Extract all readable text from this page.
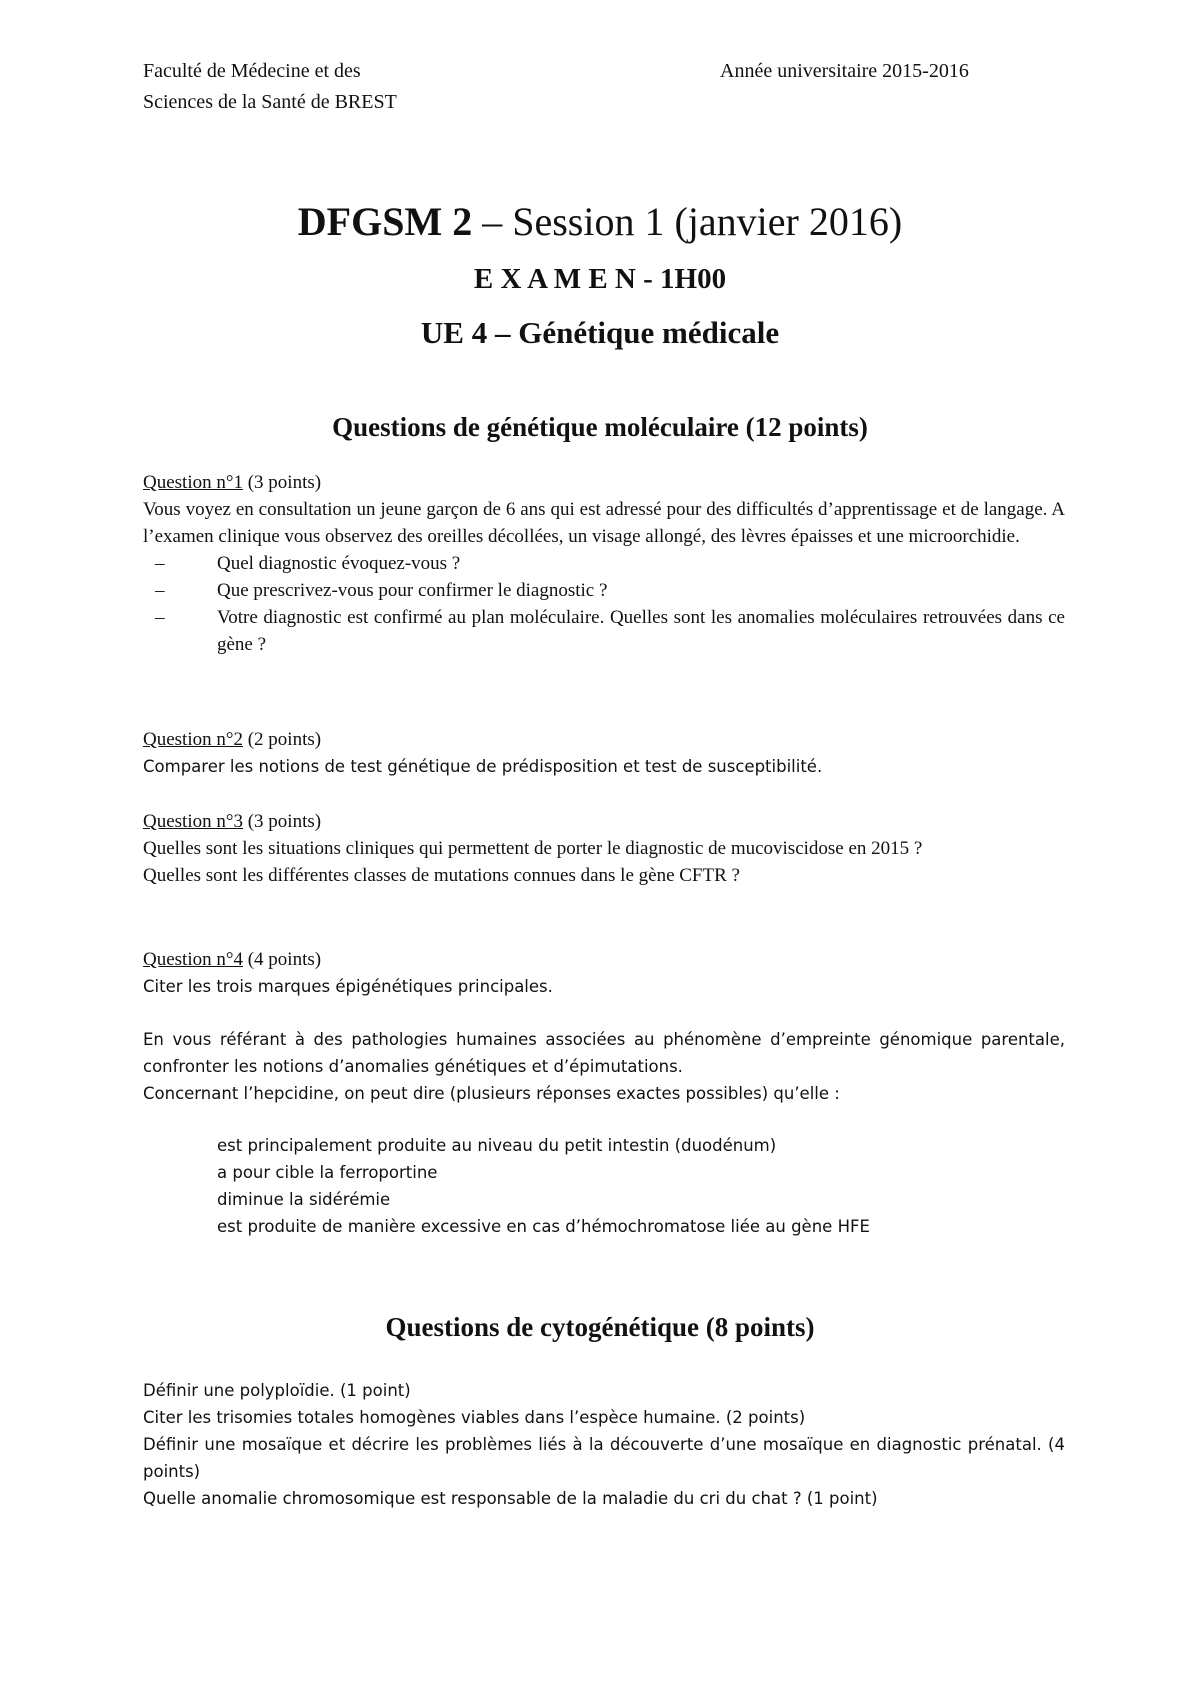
Faculté de Médecine et des
Sciences de la Santé de BREST
Année universitaire 2015-2016
DFGSM 2 – Session 1 (janvier 2016)
E X A M E N - 1H00
UE 4 – Génétique médicale
Questions de génétique moléculaire (12 points)

Question n°1 (3 points)

Vous voyez en consultation un jeune garçon de 6 ans qui est adressé pour des difficultés d’apprentissage et de langage. A l’examen clinique vous observez des oreilles décollées, un visage allongé, des lèvres épaisses et une microorchidie.

–	Quel diagnostic évoquez-vous ?
–	Que prescrivez-vous pour confirmer le diagnostic ?
–	Votre diagnostic est confirmé au plan moléculaire. Quelles sont les anomalies moléculaires retrouvées dans ce gène ?

Question n°2 (2 points)

Comparer les notions de test génétique de prédisposition et test de susceptibilité.

Question n°3 (3 points)

Quelles sont les situations cliniques qui permettent de porter le diagnostic de mucoviscidose en 2015 ?

Quelles sont les différentes classes de mutations connues dans le gène CFTR ?

Question n°4 (4 points)

Citer les trois marques épigénétiques principales.

En vous référant à des pathologies humaines associées au phénomène d’empreinte génomique parentale, confronter les notions d’anomalies génétiques et d’épimutations.

Concernant l’hepcidine, on peut dire (plusieurs réponses exactes possibles) qu’elle :

est principalement produite au niveau du petit intestin (duodénum)
a pour cible la ferroportine
diminue la sidérémie
est produite de manière excessive en cas d’hémochromatose liée au gène HFE
Questions de cytogénétique (8 points)

Définir une polyploïdie. (1 point)

Citer les trisomies totales homogènes viables dans l’espèce humaine. (2 points)

Définir une mosaïque et décrire les problèmes liés à la découverte d’une mosaïque en diagnostic prénatal. (4 points)

Quelle anomalie chromosomique est responsable de la maladie du cri du chat ? (1 point)
